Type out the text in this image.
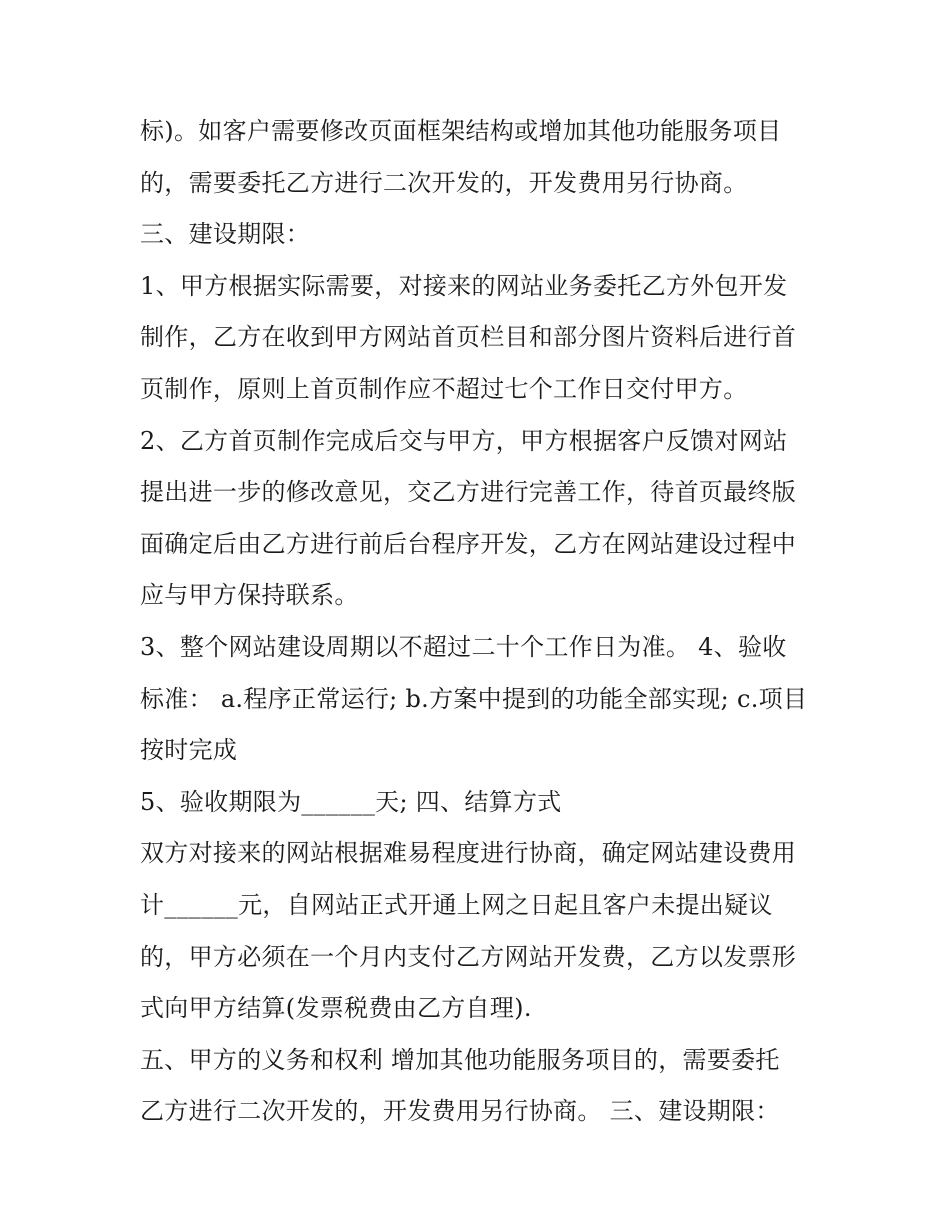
标)。如客户需要修改页面框架结构或增加其他功能服务项目
的，需要委托乙方进行二次开发的，开发费用另行协商。
三、建设期限：
1、甲方根据实际需要，对接来的网站业务委托乙方外包开发
制作，乙方在收到甲方网站首页栏目和部分图片资料后进行首
页制作，原则上首页制作应不超过七个工作日交付甲方。
2、乙方首页制作完成后交与甲方，甲方根据客户反馈对网站
提出进一步的修改意见，交乙方进行完善工作，待首页最终版
面确定后由乙方进行前后台程序开发，乙方在网站建设过程中
应与甲方保持联系。
3、整个网站建设周期以不超过二十个工作日为准。 4、验收
标准： a.程序正常运行; b.方案中提到的功能全部实现; c.项目
按时完成
5、验收期限为______天; 四、结算方式
双方对接来的网站根据难易程度进行协商，确定网站建设费用
计______元，自网站正式开通上网之日起且客户未提出疑议
的，甲方必须在一个月内支付乙方网站开发费，乙方以发票形
式向甲方结算(发票税费由乙方自理).
五、甲方的义务和权利 增加其他功能服务项目的，需要委托
乙方进行二次开发的，开发费用另行协商。 三、建设期限：
